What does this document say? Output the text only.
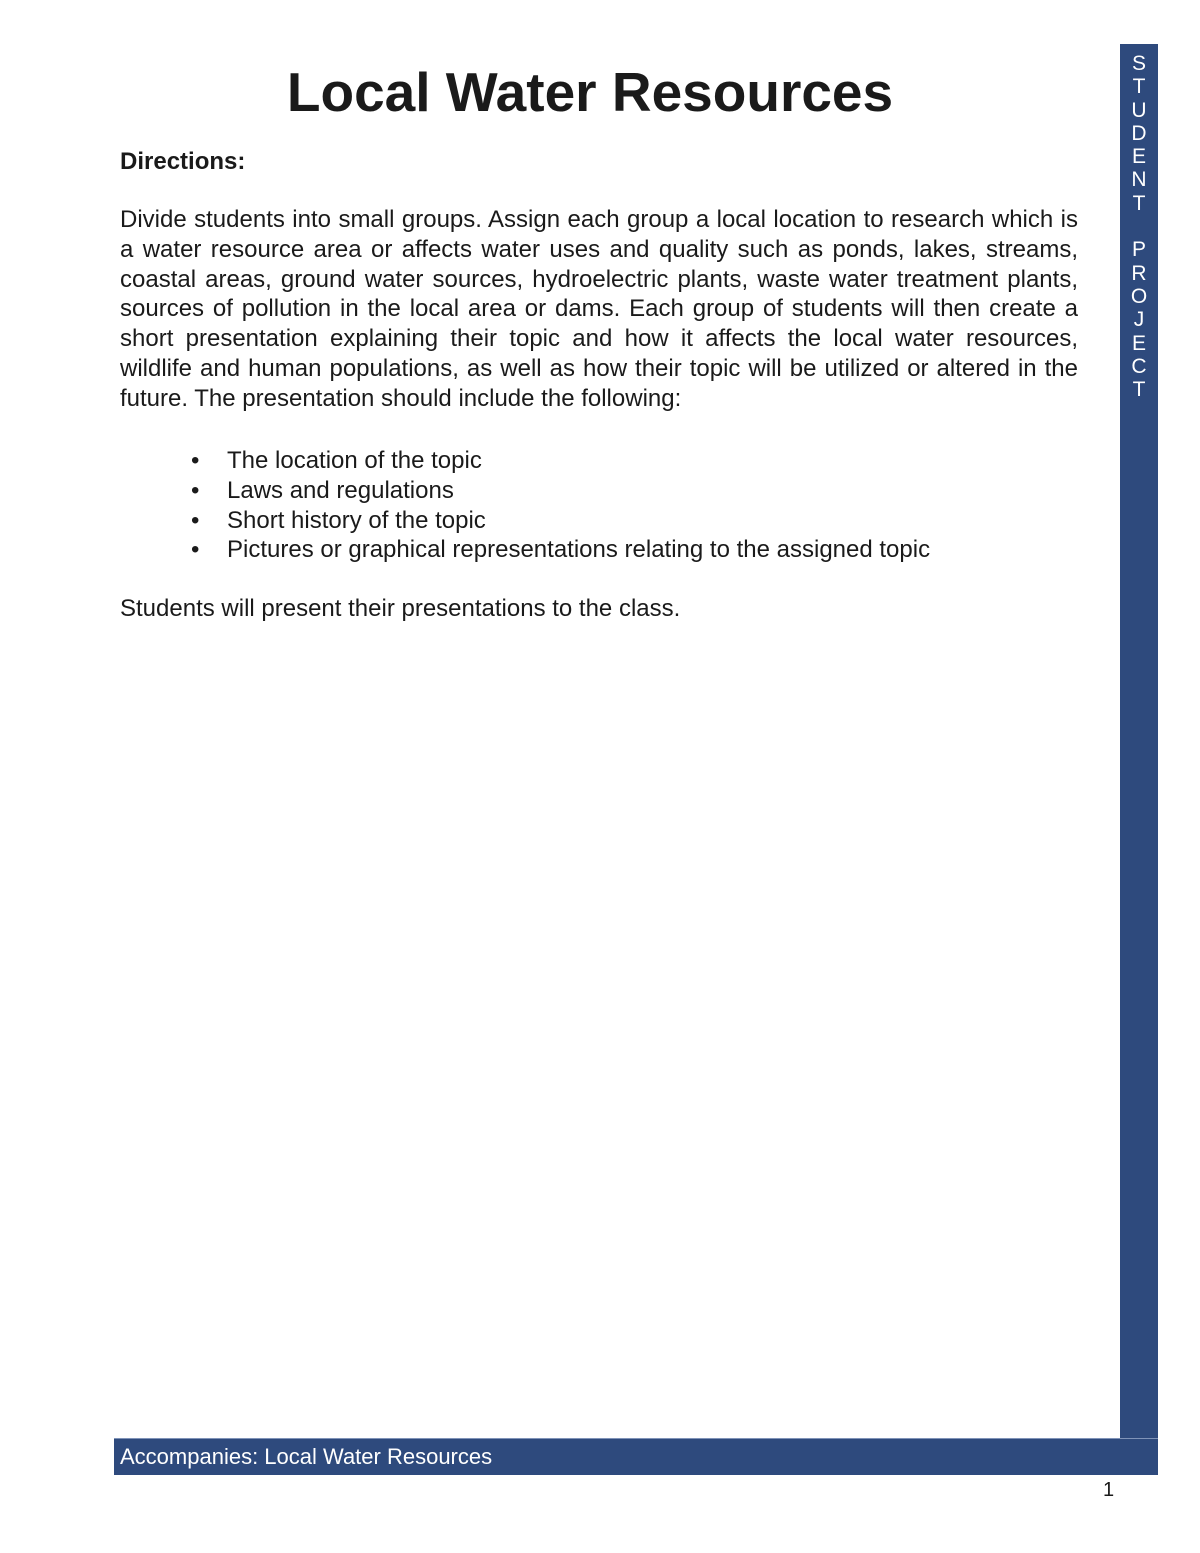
S
T
U
D
E
N
T
P
R
O
J
E
C
T
Local Water Resources
Directions:
Divide students into small groups. Assign each group a local location to research which is a water resource area or affects water uses and quality such as ponds, lakes, streams, coastal areas, ground water sources, hydroelectric plants, waste water treatment plants, sources of pollution in the local area or dams. Each group of students will then create a short presentation explaining their topic and how it affects the local water resources, wildlife and human populations, as well as how their topic will be utilized or altered in the future. The presentation should include the following:
• The location of the topic
• Laws and regulations
• Short history of the topic
• Pictures or graphical representations relating to the assigned topic
Students will present their presentations to the class.
Accompanies: Local Water Resources
1
